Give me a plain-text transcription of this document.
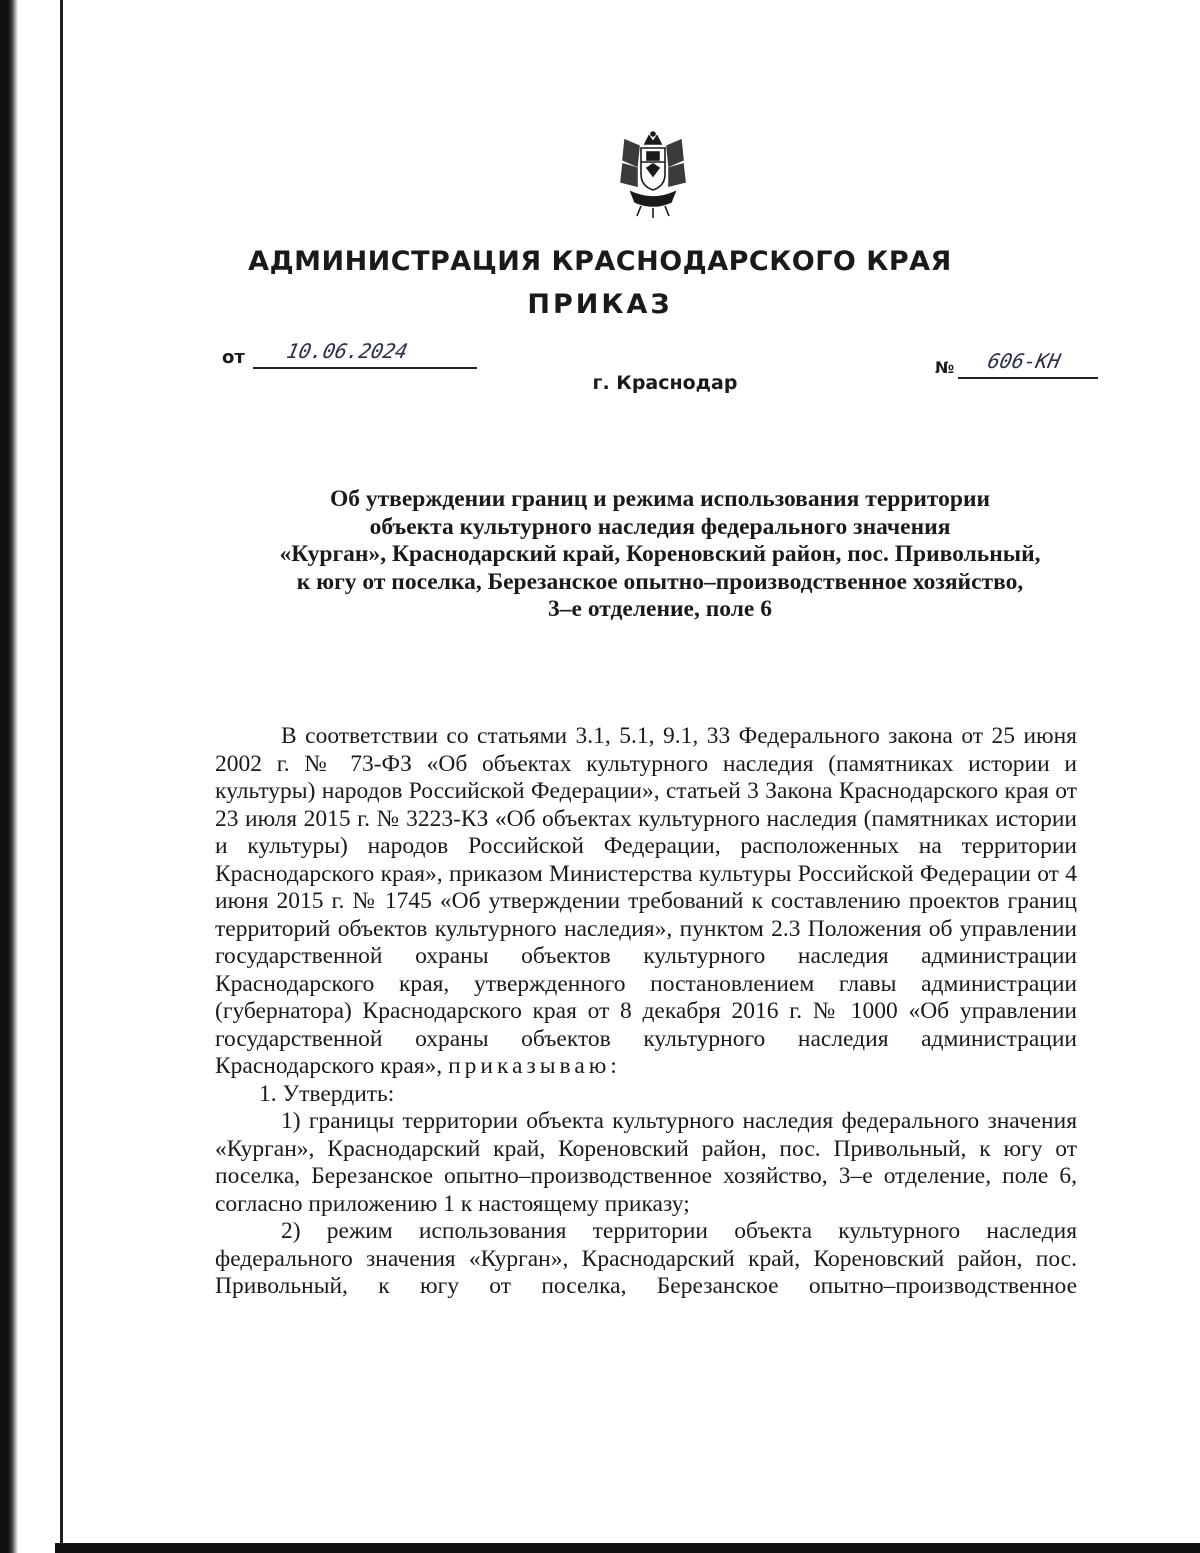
АДМИНИСТРАЦИЯ КРАСНОДАРСКОГО КРАЯ
ПРИКАЗ
от 10.06.2024
№ 606-КН
г. Краснодар
Об утверждении границ и режима использования территории
объекта культурного наследия федерального значения
«Курган», Краснодарский край, Кореновский район, пос. Привольный,
к югу от поселка, Березанское опытно–производственное хозяйство,
3–е отделение, поле 6

В соответствии со статьями 3.1, 5.1, 9.1, 33 Федерального закона от 25 июня 2002 г. № 73-ФЗ «Об объектах культурного наследия (памятниках истории и культуры) народов Российской Федерации», статьей 3 Закона Краснодарского края от 23 июля 2015 г. № 3223-КЗ «Об объектах культурного наследия (памятниках истории и культуры) народов Российской Федерации, расположенных на территории Краснодарского края», приказом Министерства культуры Российской Федерации от 4 июня 2015 г. № 1745 «Об утверждении требований к составлению проектов границ территорий объектов культурного наследия», пунктом 2.3 Положения об управлении государственной охраны объектов культурного наследия администрации Краснодарского края, утвержденного постановлением главы администрации (губернатора) Краснодарского края от 8 декабря 2016 г. № 1000 «Об управлении государственной охраны объектов культурного наследия администрации Краснодарского края», приказываю:

1. Утвердить:

1) границы территории объекта культурного наследия федерального значения «Курган», Краснодарский край, Кореновский район, пос. Привольный, к югу от поселка, Березанское опытно–производственное хозяйство, 3–е отделение, поле 6, согласно приложению 1 к настоящему приказу;

2) режим использования территории объекта культурного наследия федерального значения «Курган», Краснодарский край, Кореновский район, пос. Привольный, к югу от поселка, Березанское опытно–производственное
